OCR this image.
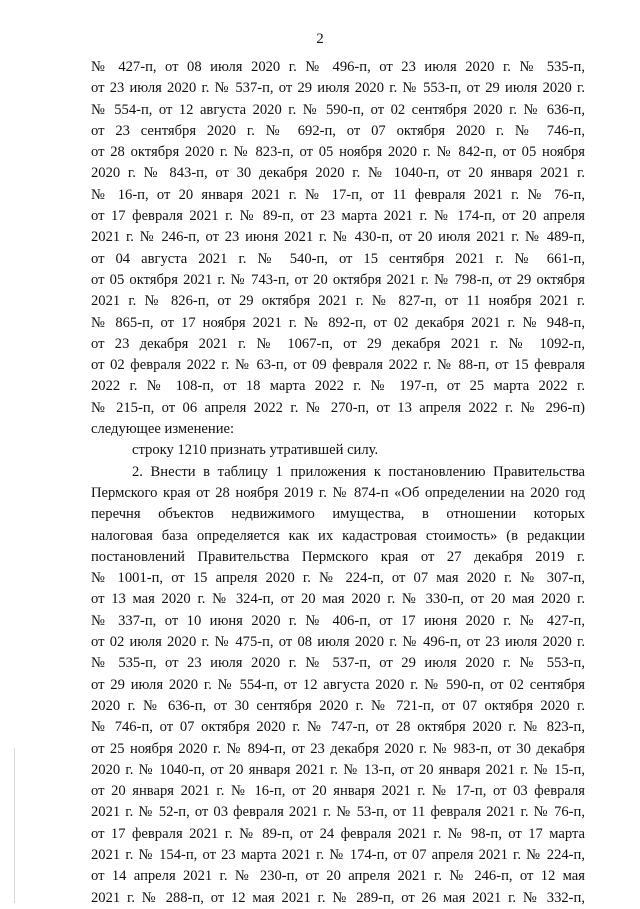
2
№ 427-п, от 08 июля 2020 г. № 496-п, от 23 июля 2020 г. № 535-п,
от 23 июля 2020 г. № 537-п, от 29 июля 2020 г. № 553-п, от 29 июля 2020 г.
№ 554-п, от 12 августа 2020 г. № 590-п, от 02 сентября 2020 г. № 636-п,
от 23 сентября 2020 г. № 692-п, от 07 октября 2020 г. № 746-п,
от 28 октября 2020 г. № 823-п, от 05 ноября 2020 г. № 842-п, от 05 ноября
2020 г. № 843-п, от 30 декабря 2020 г. № 1040-п, от 20 января 2021 г.
№ 16-п, от 20 января 2021 г. № 17-п, от 11 февраля 2021 г. № 76-п,
от 17 февраля 2021 г. № 89-п, от 23 марта 2021 г. № 174-п, от 20 апреля
2021 г. № 246-п, от 23 июня 2021 г. № 430-п, от 20 июля 2021 г. № 489-п,
от 04 августа 2021 г. № 540-п, от 15 сентября 2021 г. № 661-п,
от 05 октября 2021 г. № 743-п, от 20 октября 2021 г. № 798-п, от 29 октября
2021 г. № 826-п, от 29 октября 2021 г. № 827-п, от 11 ноября 2021 г.
№ 865-п, от 17 ноября 2021 г. № 892-п, от 02 декабря 2021 г. № 948-п,
от 23 декабря 2021 г. № 1067-п, от 29 декабря 2021 г. № 1092-п,
от 02 февраля 2022 г. № 63-п, от 09 февраля 2022 г. № 88-п, от 15 февраля
2022 г. № 108-п, от 18 марта 2022 г. № 197-п, от 25 марта 2022 г.
№ 215-п, от 06 апреля 2022 г. № 270-п, от 13 апреля 2022 г. № 296-п)
следующее изменение:
строку 1210 признать утратившей силу.
2. Внести в таблицу 1 приложения к постановлению Правительства
Пермского края от 28 ноября 2019 г. № 874-п «Об определении на 2020 год
перечня объектов недвижимого имущества, в отношении которых
налоговая база определяется как их кадастровая стоимость» (в редакции
постановлений Правительства Пермского края от 27 декабря 2019 г.
№ 1001-п, от 15 апреля 2020 г. № 224-п, от 07 мая 2020 г. № 307-п,
от 13 мая 2020 г. № 324-п, от 20 мая 2020 г. № 330-п, от 20 мая 2020 г.
№ 337-п, от 10 июня 2020 г. № 406-п, от 17 июня 2020 г. № 427-п,
от 02 июля 2020 г. № 475-п, от 08 июля 2020 г. № 496-п, от 23 июля 2020 г.
№ 535-п, от 23 июля 2020 г. № 537-п, от 29 июля 2020 г. № 553-п,
от 29 июля 2020 г. № 554-п, от 12 августа 2020 г. № 590-п, от 02 сентября
2020 г. № 636-п, от 30 сентября 2020 г. № 721-п, от 07 октября 2020 г.
№ 746-п, от 07 октября 2020 г. № 747-п, от 28 октября 2020 г. № 823-п,
от 25 ноября 2020 г. № 894-п, от 23 декабря 2020 г. № 983-п, от 30 декабря
2020 г. № 1040-п, от 20 января 2021 г. № 13-п, от 20 января 2021 г. № 15-п,
от 20 января 2021 г. № 16-п, от 20 января 2021 г. № 17-п, от 03 февраля
2021 г. № 52-п, от 03 февраля 2021 г. № 53-п, от 11 февраля 2021 г. № 76-п,
от 17 февраля 2021 г. № 89-п, от 24 февраля 2021 г. № 98-п, от 17 марта
2021 г. № 154-п, от 23 марта 2021 г. № 174-п, от 07 апреля 2021 г. № 224-п,
от 14 апреля 2021 г. № 230-п, от 20 апреля 2021 г. № 246-п, от 12 мая
2021 г. № 288-п, от 12 мая 2021 г. № 289-п, от 26 мая 2021 г. № 332-п,
